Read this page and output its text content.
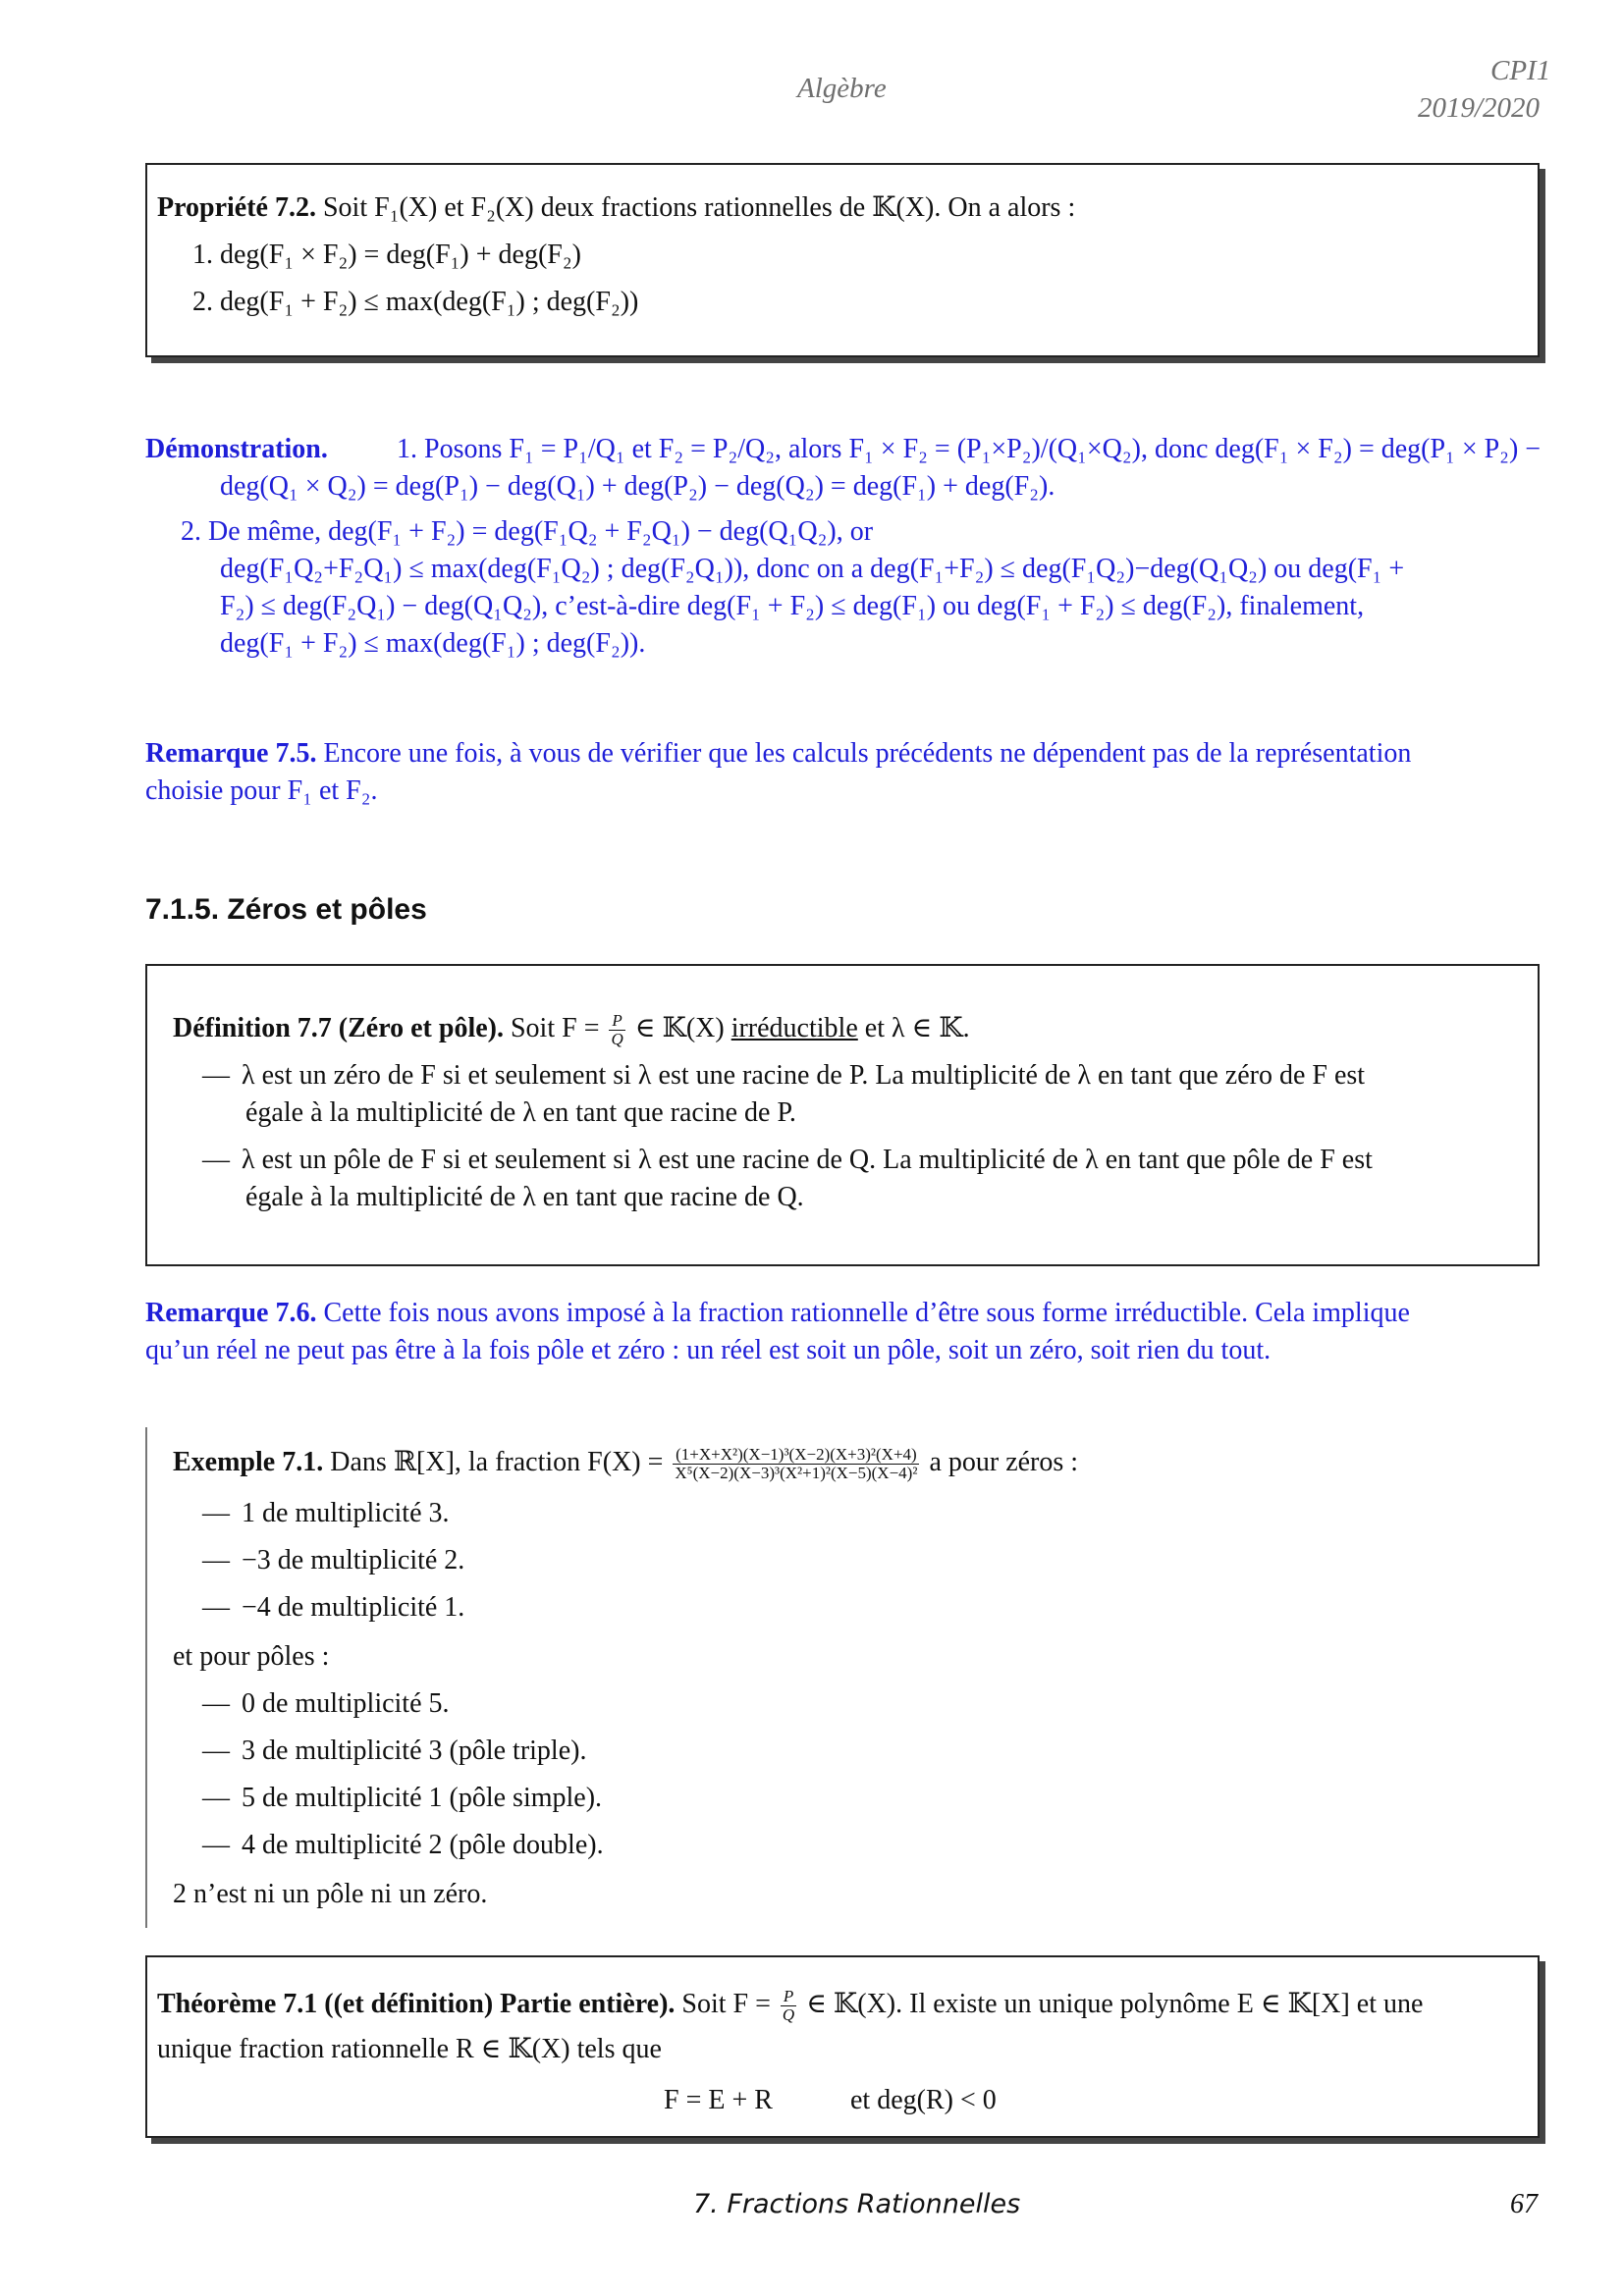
Algèbre
CPI1
2019/2020
Propriété 7.2. Soit F₁(X) et F₂(X) deux fractions rationnelles de 𝕂(X). On a alors :
1. deg(F₁ × F₂) = deg(F₁) + deg(F₂)
2. deg(F₁ + F₂) ≤ max(deg(F₁) ; deg(F₂))
Démonstration.	1. Posons F₁ = P₁/Q₁ et F₂ = P₂/Q₂, alors F₁ × F₂ = (P₁×P₂)/(Q₁×Q₂), donc deg(F₁ × F₂) = deg(P₁ × P₂) −
deg(Q₁ × Q₂) = deg(P₁) − deg(Q₁) + deg(P₂) − deg(Q₂) = deg(F₁) + deg(F₂).
2. De même, deg(F₁ + F₂) = deg(F₁Q₂ + F₂Q₁) − deg(Q₁Q₂), or
deg(F₁Q₂+F₂Q₁) ≤ max(deg(F₁Q₂) ; deg(F₂Q₁)), donc on a deg(F₁+F₂) ≤ deg(F₁Q₂)−deg(Q₁Q₂) ou deg(F₁ +
F₂) ≤ deg(F₂Q₁) − deg(Q₁Q₂), c’est-à-dire deg(F₁ + F₂) ≤ deg(F₁) ou deg(F₁ + F₂) ≤ deg(F₂), finalement,
deg(F₁ + F₂) ≤ max(deg(F₁) ; deg(F₂)).
Remarque 7.5. Encore une fois, à vous de vérifier que les calculs précédents ne dépendent pas de la représentation
choisie pour F₁ et F₂.
7.1.5. Zéros et pôles
Définition 7.7 (Zéro et pôle). Soit $F = \frac{P}{Q}$ ∈ 𝕂(X) irréductible et λ ∈ 𝕂.
— λ est un zéro de F si et seulement si λ est une racine de P. La multiplicité de λ en tant que zéro de F est
égale à la multiplicité de λ en tant que racine de P.
— λ est un pôle de F si et seulement si λ est une racine de Q. La multiplicité de λ en tant que pôle de F est
égale à la multiplicité de λ en tant que racine de Q.
Remarque 7.6. Cette fois nous avons imposé à la fraction rationnelle d’être sous forme irréductible. Cela implique
qu’un réel ne peut pas être à la fois pôle et zéro : un réel est soit un pôle, soit un zéro, soit rien du tout.
Exemple 7.1. Dans ℝ[X], la fraction $F(X) = \frac{\text{(1+X+X²)(X−1)³(X−2)(X+3)²(X+4)}}{\text{X⁵(X−2)(X−3)³(X²+1)²(X−5)(X−4)²}}$ a pour zéros :
— 1 de multiplicité 3.
— −3 de multiplicité 2.
— −4 de multiplicité 1.
et pour pôles :
— 0 de multiplicité 5.
— 3 de multiplicité 3 (pôle triple).
— 5 de multiplicité 1 (pôle simple).
— 4 de multiplicité 2 (pôle double).
2 n’est ni un pôle ni un zéro.
Théorème 7.1 ((et définition) Partie entière). Soit $F = \frac{P}{Q}$ ∈ 𝕂(X). Il existe un unique polynôme E ∈ 𝕂[X] et une
unique fraction rationnelle R ∈ 𝕂(X) tels que
F = E + R	et deg(R) < 0
7. Fractions Rationnelles	67
